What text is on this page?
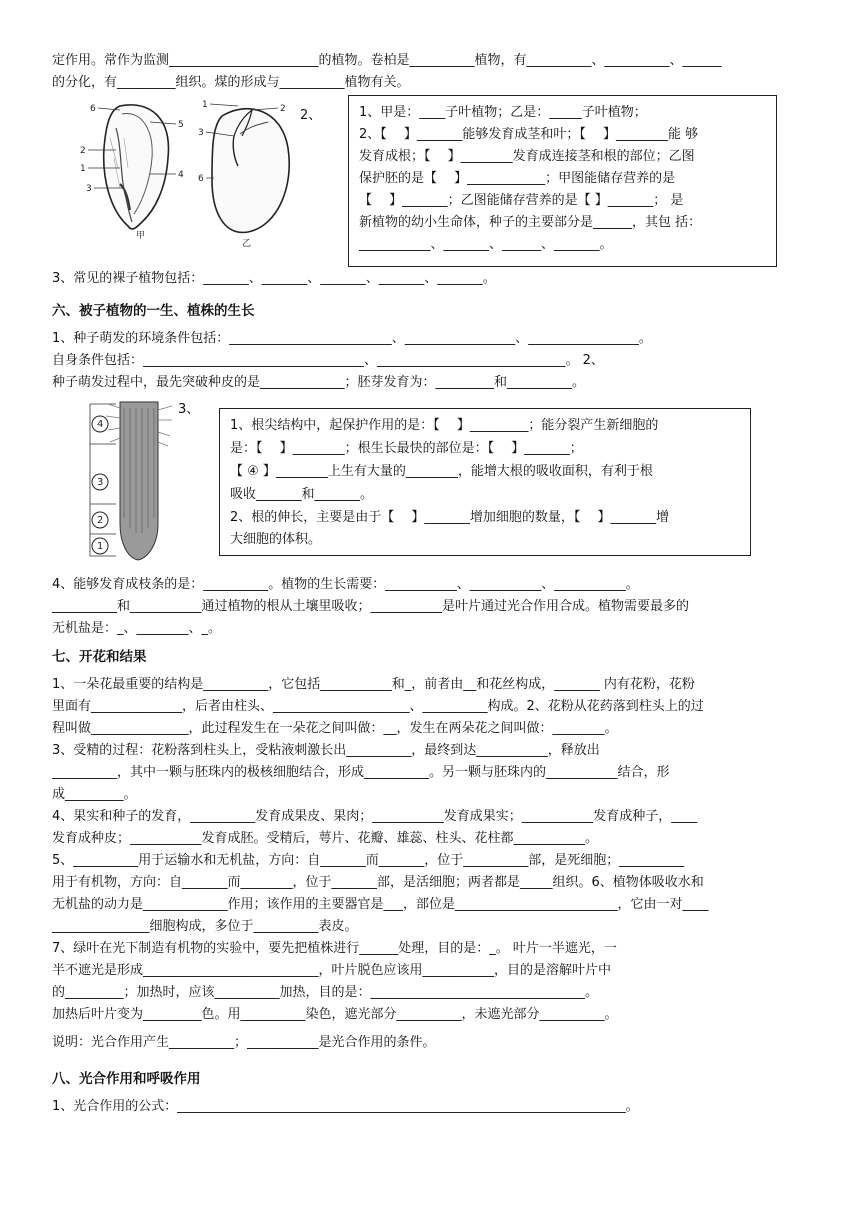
定作用。常作为监测_______________________的植物。卷柏是__________植物，有__________、__________、______
的分化，有_________组织。煤的形成与__________植物有关。
6
5
2
1
4
3
甲
1	2
3
6
乙
2、	1、甲是：____子叶植物；乙是：_____子叶植物；
2、【　 】_______能够发育成茎和叶；【　 】________能 够
发育成根；【　 】________发育成连接茎和根的部位；乙图
保护胚的是【　 】____________；甲图能储存营养的是
【　 】_______；乙图能储存营养的是【 】_______； 是
新植物的幼小生命体，种子的主要部分是______，其包 括：
___________、_______、______、_______。
3、常见的裸子植物包括：_______、_______、_______、_______、_______。
六、被子植物的一生、植株的生长
1、种子萌发的环境条件包括：_________________________、_________________、_________________。
自身条件包括：__________________________________、_____________________________。 2、
种子萌发过程中，最先突破种皮的是_____________；胚芽发育为：_________和__________。
4
3
2
1
3、
1、根尖结构中，起保护作用的是：【　 】_________；能分裂产生新细胞的
是：【　 】________；根生长最快的部位是：【　 】_______；
【 ④ 】________上生有大量的________，能增大根的吸收面积，有利于根
吸收_______和_______。
2、根的伸长，主要是由于【　 】_______增加细胞的数量，【　 】_______增
大细胞的体积。
4、能够发育成枝条的是：__________。植物的生长需要：___________、___________、___________。
__________和___________通过植物的根从土壤里吸收；___________是叶片通过光合作用合成。植物需要最多的
无机盐是：_、________、_。
七、开花和结果
1、一朵花最重要的结构是__________，它包括___________和_，前者由__和花丝构成，_______ 内有花粉，花粉
里面有______________，后者由柱头、_____________________、__________构成。2、花粉从花药落到柱头上的过
程叫做_______________，此过程发生在一朵花之间叫做：__，发生在两朵花之间叫做：________。
3、受精的过程：花粉落到柱头上，受粘液刺激长出__________，最终到达___________，释放出
__________，其中一颗与胚珠内的极核细胞结合，形成__________。另一颗与胚珠内的___________结合，形
成_________。
4、果实和种子的发育，__________发育成果皮、果肉；___________发育成果实；___________发育成种子，____
发育成种皮；___________发育成胚。受精后，萼片、花瓣、雄蕊、柱头、花柱都___________。
5、__________用于运输水和无机盐，方向：自_______而_______，位于__________部，是死细胞；__________
用于有机物，方向：自_______而________，位于_______部，是活细胞；两者都是_____组织。6、植物体吸收水和
无机盐的动力是_____________作用；该作用的主要器官是___，部位是_________________________，它由一对____
_______________细胞构成，多位于__________表皮。
7、绿叶在光下制造有机物的实验中，要先把植株进行______处理，目的是：_。 叶片一半遮光，一
半不遮光是形成___________________________，叶片脱色应该用___________，目的是溶解叶片中
的_________；加热时，应该__________加热，目的是：_________________________________。
加热后叶片变为_________色。用__________染色，遮光部分__________，未遮光部分__________。
说明：光合作用产生__________；___________是光合作用的条件。
八、光合作用和呼吸作用
1、光合作用的公式：_____________________________________________________________________。
